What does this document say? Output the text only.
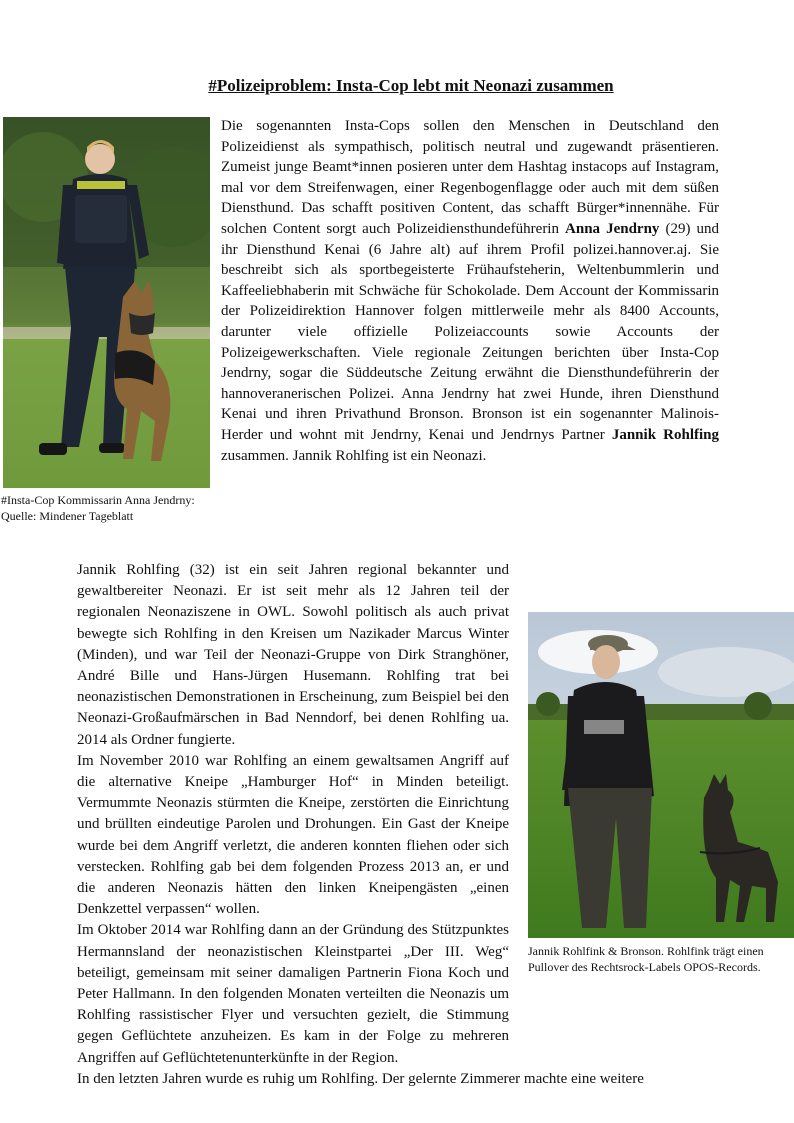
#Polizeiproblem: Insta-Cop lebt mit Neonazi zusammen
#Insta-Cop Kommissarin Anna Jendrny:
Quelle: Mindener Tageblatt

Die sogenannten Insta-Cops sollen den Menschen in Deutschland den Polizeidienst als sympathisch, politisch neutral und zugewandt präsentieren. Zumeist junge Beamt*innen posieren unter dem Hashtag instacops auf Instagram, mal vor dem Streifenwagen, einer Regenbogenflagge oder auch mit dem süßen Diensthund. Das schafft positiven Content, das schafft Bürger*innennähe. Für solchen Content sorgt auch Polizeidiensthundeführerin Anna Jendrny (29) und ihr Diensthund Kenai (6 Jahre alt) auf ihrem Profil polizei.hannover.aj. Sie beschreibt sich als sportbegeisterte Frühaufsteherin, Weltenbummlerin und Kaffeeliebhaberin mit Schwäche für Schokolade. Dem Account der Kommissarin der Polizeidirektion Hannover folgen mittlerweile mehr als 8400 Accounts, darunter viele offizielle Polizeiaccounts sowie Accounts der Polizeigewerkschaften. Viele regionale Zeitungen berichten über Insta-Cop Jendrny, sogar die Süddeutsche Zeitung erwähnt die Diensthundeführerin der hannoveranerischen Polizei. Anna Jendrny hat zwei Hunde, ihren Diensthund Kenai und ihren Privathund Bronson. Bronson ist ein sogenannter Malinois-Herder und wohnt mit Jendrny, Kenai und Jendrnys Partner Jannik Rohlfing zusammen. Jannik Rohlfing ist ein Neonazi.

Jannik Rohlfing (32) ist ein seit Jahren regional bekannter und gewaltbereiter Neonazi. Er ist seit mehr als 12 Jahren teil der regionalen Neonaziszene in OWL. Sowohl politisch als auch privat bewegte sich Rohlfing in den Kreisen um Nazikader Marcus Winter (Minden), und war Teil der Neonazi-Gruppe von Dirk Stranghöner, André Bille und Hans-Jürgen Husemann. Rohlfing trat bei neonazistischen Demonstrationen in Erscheinung, zum Beispiel bei den Neonazi-Großaufmärschen in Bad Nenndorf, bei denen Rohlfing ua. 2014 als Ordner fungierte.

Im November 2010 war Rohlfing an einem gewaltsamen Angriff auf die alternative Kneipe „Hamburger Hof“ in Minden beteiligt. Vermummte Neonazis stürmten die Kneipe, zerstörten die Einrichtung und brüllten eindeutige Parolen und Drohungen. Ein Gast der Kneipe wurde bei dem Angriff verletzt, die anderen konnten fliehen oder sich verstecken. Rohlfing gab bei dem folgenden Prozess 2013 an, er und die anderen Neonazis hätten den linken Kneipengästen „einen Denkzettel verpassen“ wollen.

Im Oktober 2014 war Rohlfing dann an der Gründung des Stützpunktes Hermannsland der neonazistischen Kleinstpartei „Der III. Weg“ beteiligt, gemeinsam mit seiner damaligen Partnerin Fiona Koch und Peter Hallmann. In den folgenden Monaten verteilten die Neonazis um Rohlfing rassistischer Flyer und versuchten gezielt, die Stimmung gegen Geflüchtete anzuheizen. Es kam in der Folge zu mehreren Angriffen auf Geflüchtetenunterkünfte in der Region.

In den letzten Jahren wurde es ruhig um Rohlfing. Der gelernte Zimmerer machte eine weitere

Jannik Rohlfink & Bronson. Rohlfink trägt einen Pullover des Rechtsrock-Labels OPOS-Records.
